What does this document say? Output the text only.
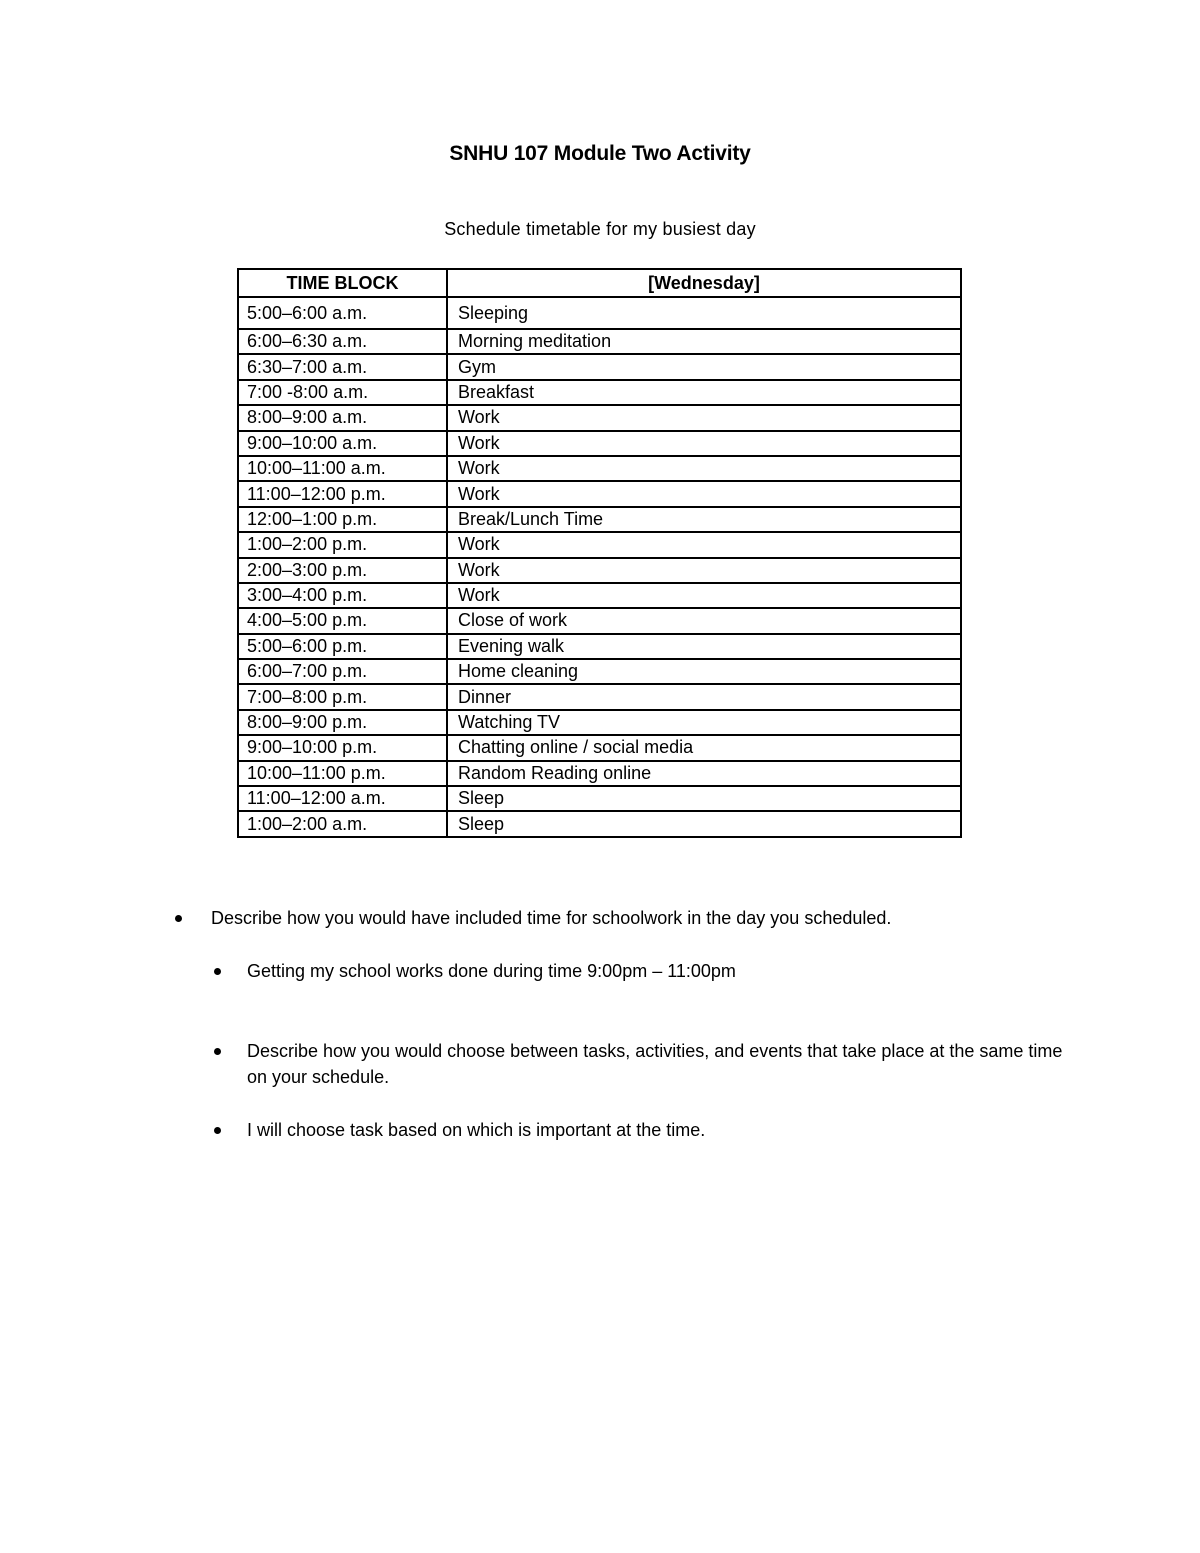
SNHU 107 Module Two Activity
Schedule timetable for my busiest day
TIME BLOCK	[Wednesday]
5:00–6:00 a.m.	Sleeping
6:00–6:30 a.m.	Morning meditation
6:30–7:00 a.m.	Gym
7:00 -8:00 a.m.	Breakfast
8:00–9:00 a.m.	Work
9:00–10:00 a.m.	Work
10:00–11:00 a.m.	Work
11:00–12:00 p.m.	Work
12:00–1:00 p.m.	Break/Lunch Time
1:00–2:00 p.m.	Work
2:00–3:00 p.m.	Work
3:00–4:00 p.m.	Work
4:00–5:00 p.m.	Close of work
5:00–6:00 p.m.	Evening walk
6:00–7:00 p.m.	Home cleaning
7:00–8:00 p.m.	Dinner
8:00–9:00 p.m.	Watching TV
9:00–10:00 p.m.	Chatting online / social media
10:00–11:00 p.m.	Random Reading online
11:00–12:00 a.m.	Sleep
1:00–2:00 a.m.	Sleep
Describe how you would have included time for schoolwork in the day you scheduled.
Getting my school works done during time 9:00pm – 11:00pm
Describe how you would choose between tasks, activities, and events that take place at the same time on your schedule.
I will choose task based on which is important at the time.
